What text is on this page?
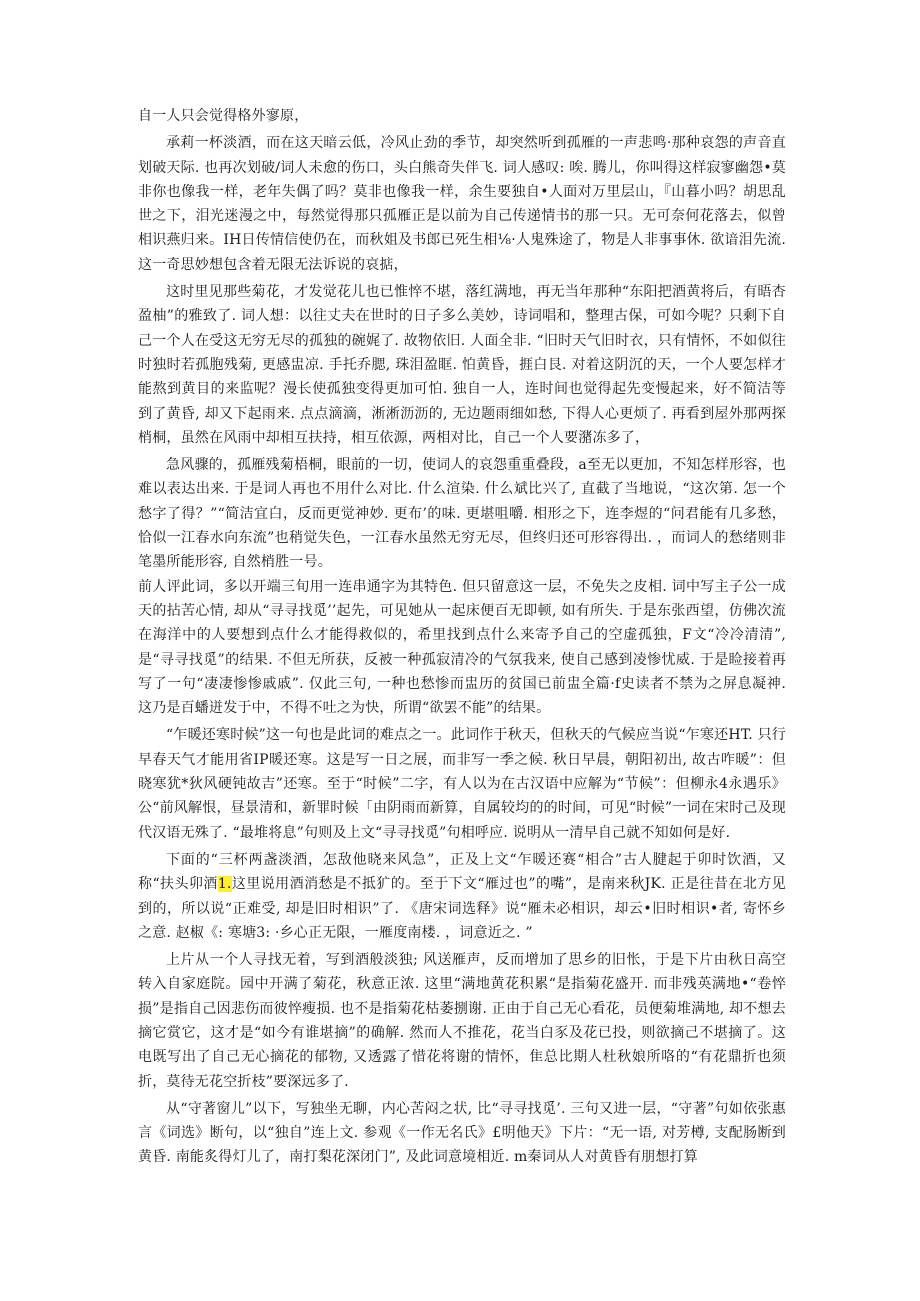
自一人只会觉得格外寥原，

承莉一杯淡酒，而在这天暗云低，冷风止劲的季节，却突然听到孤雁的一声悲鸣·那种哀怨的声音直划破天际. 也再次划破/词人未愈的伤口，头白熊奇失伴飞. 词人感叹: 唉. 腾儿，你叫得这样寂寥幽怨•莫非你也像我一样，老年失偶了吗？莫非也像我一样，余生要独自•人面对万里层山，『山暮小吗？胡思乱世之下，泪光迷漫之中，每然觉得那只孤雁正是以前为自己传递情书的那一只。无可奈何花落去，似曾相识燕归来。IH日传情信使仍在，而秋姐及书郎已死生相⅛·人鬼殊途了，物是人非事事休. 欲谙泪先流. 这一奇思妙想包含着无限无法诉说的哀掂，

这时里见那些菊花，才发觉花儿也已惟悴不堪，落红满地，再无当年那种“东阳把酒黄将后，有晤杏盈柚”的雅致了. 词人想：以往丈夫在世时的日子多么美妙，诗词唱和，整理古保，可如今呢？只剩下自己一个人在受这无穷无尽的孤独的碗娓了. 故物依旧. 人面全非. “旧时天气旧时衣，只有情怀，不如似往时独时若孤胞残菊, 更感盅凉. 手托乔腮, 珠泪盈眶. 怕黄昏，捱白艮. 对着这阴沉的天，一个人要怎样才能熬到黄目的来监呢？漫长使孤独变得更加可怕. 独自一人，连时间也觉得起先变慢起来，好不简洁等到了黄昏, 却又下起雨来. 点点滴滴，淅淅沥沥的, 无边题雨细如愁, 下得人心更烦了. 再看到屋外那两探梢桐，虽然在风雨中却相互扶持，相互依源，两相对比，自己一个人要潴冻多了，

急风骤的，孤雁残菊梧桐，眼前的一切，使词人的哀怨重重叠段，a至无以更加，不知怎样形容，也难以表达出来. 于是词人再也不用什么对比. 什么渲染. 什么斌比兴了, 直截了当地说，“这次第. 怎一个愁字了得？”“简洁宜白，反而更觉神妙. 更布’的味. 更堪咀嚼. 相形之下，连李煜的“问君能有几多愁，恰似一江春水向东流”也稍觉失色，一江春水虽然无穷无尽，但终归还可形容得出. ，而词人的愁绪则非笔墨所能形容, 自然梢胜一号。

前人评此词，多以开端三旬用一连串通字为其特色. 但只留意这一层，不免失之皮相. 词中写主子公一成天的拈苦心情, 却从“寻寻找觅’’起先，可见她从一起床便百无即顿, 如有所失. 于是东张西望，仿佛次流在海洋中的人要想到点什么才能得救似的，希里找到点什么来寄予自己的空虚孤独，F文“冷冷清清”, 是“寻寻找觅”的结果. 不但无所获，反被一种孤寂清冷的气氛我来, 使自己感到凌惨忧威. 于是睑接着再写了一句“凄凄惨惨戚戚”. 仅此三句, 一种也愁惨而盅历的贫国已前盅全篇·f史读者不禁为之屏息凝神. 这乃是百蟠迸发于中，不得不吐之为快，所谓“欲罢不能”的结果。

“乍暖还寒时候”这一句也是此词的难点之一。此词作于秋天，但秋天的气候应当说“乍寒还HT. 只行早春天气才能用省IP暖还寒。这是写一日之展，而非写一季之候. 秋日早晨，朝阳初出, 故古咋暖”：但晓寒犹*狄风硬钝故吉”还寒。至于“时候”二字，有人以为在古汉语中应解为“节候”：但柳永4永遇乐》公“前风解恨，昼景清和，新罪时候「由阴雨而新算，自属较均的的时间，可见“时候”一词在宋时己及现代汉语无殊了. “最堆将息”句则及上文“寻寻找觅”句相呼应. 说明从一清早自己就不知如何是好.

下面的“三杯两盏淡酒，怎敌他晓来风急”，正及上文“乍暖还赛“相合”古人腱起于卯时饮酒，又称“扶头卯酒1.这里说用酒消愁是不抵犷的。至于下文“雁过也”的嘴”，是南来秋JK. 正是往昔在北方见到的，所以说“正难受, 却是旧时相识”了. 《唐宋词选释》说“雁未必相识，却云•旧时相识•者, 寄怀乡之意. 赵椒《: 寒塘3: ·乡心正无限，一雁度南楼. ，词意近之. ”

上片从一个人寻找无着，写到酒般淡独; 风送雁声，反而增加了思乡的旧怅，于是下片由秋日高空转入自家庭院。园中开满了菊花，秋意正浓. 这里“满地黄花积累“是指菊花盛开. 而非残英满地•“卷悴损”是指自己因悲伤而彼悴瘦损. 也不是指菊花枯萎捌谢. 正由于自己无心看花，员便菊堆满地, 却不想去摘它赏它，这才是“如今有谁堪摘”的确解. 然而人不推花，花当白豕及花已投，则欲摘己不堪摘了。这电既写出了自己无心摘花的郁物, 又透露了惜花将谢的情怀，隹总比期人杜秋娘所咯的“有花鼎折也须折，莫待无花空折枝”要深远多了.

从“守著窗儿”以下，写独坐无聊，内心苦闷之状, 比“寻寻找觅’. 三句又进一层，“守著”句如依张惠言《词选》断句，以“独自”连上文. 参观《一作无名氏》£明他天》下片：“无一语, 对芳樽, 支配肠断到黄昏. 南能炙得灯儿了，南打梨花深闭门”, 及此词意境相近. m秦词从人对黄昏有朋想打算
